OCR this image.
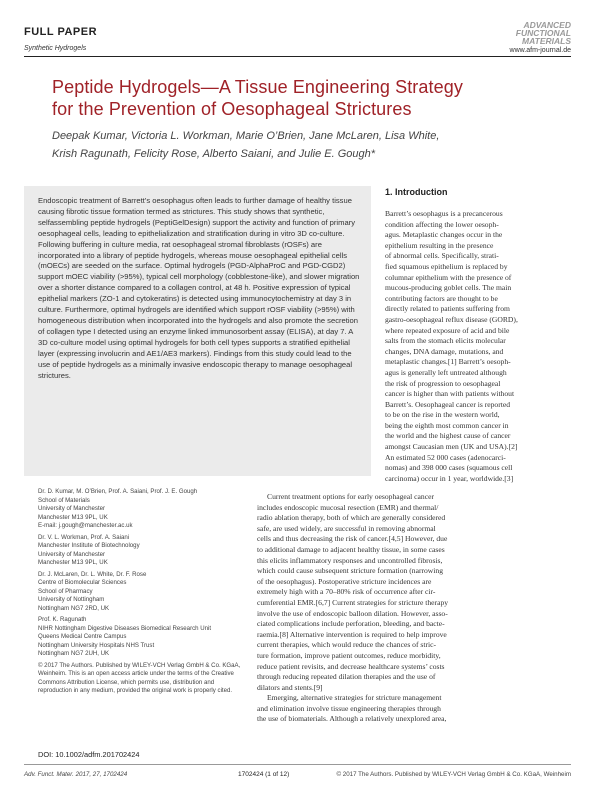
FULL PAPER
Synthetic Hydrogels
ADVANCED
FUNCTIONAL
MATERIALS
www.afm-journal.de
Peptide Hydrogels—A Tissue Engineering Strategy
for the Prevention of Oesophageal Strictures
Deepak Kumar, Victoria L. Workman, Marie O’Brien, Jane McLaren, Lisa White,
Krish Ragunath, Felicity Rose, Alberto Saiani, and Julie E. Gough*
Endoscopic treatment of Barrett’s oesophagus often leads to further damage of healthy tissue causing fibrotic tissue formation termed as strictures. This study shows that synthetic, selfassembling peptide hydrogels (PeptiGelDesign) support the activity and function of primary oesophageal cells, leading to epithelialization and stratification during in vitro 3D co-culture. Following buffering in culture media, rat oesophageal stromal fibroblasts (rOSFs) are incorporated into a library of peptide hydrogels, whereas mouse oesophageal epithelial cells (mOECs) are seeded on the surface. Optimal hydrogels (PGD-AlphaProC and PGD-CGD2) support mOEC viability (>95%), typical cell morphology (cobblestone-like), and slower migration over a shorter distance compared to a collagen control, at 48 h. Positive expression of typical epithelial markers (ZO-1 and cytokeratins) is detected using immunocytochemistry at day 3 in culture. Furthermore, optimal hydrogels are identified which support rOSF viability (>95%) with homogeneous distribution when incorporated into the hydrogels and also promote the secretion of collagen type I detected using an enzyme linked immunosorbent assay (ELISA), at day 7. A 3D co-culture model using optimal hydrogels for both cell types supports a stratified epithelial layer (expressing involucrin and AE1/AE3 markers). Findings from this study could lead to the use of peptide hydrogels as a minimally invasive endoscopic therapy to manage oesophageal strictures.
Dr. D. Kumar, M. O’Brien, Prof. A. Saiani, Prof. J. E. Gough
School of Materials
University of Manchester
Manchester M13 9PL, UK
E-mail: j.gough@manchester.ac.uk
Dr. V. L. Workman, Prof. A. Saiani
Manchester Institute of Biotechnology
University of Manchester
Manchester M13 9PL, UK
Dr. J. McLaren, Dr. L. White, Dr. F. Rose
Centre of Biomolecular Sciences
School of Pharmacy
University of Nottingham
Nottingham NG7 2RD, UK
Prof. K. Ragunath
NIHR Nottingham Digestive Diseases Biomedical Research Unit
Queens Medical Centre Campus
Nottingham University Hospitals NHS Trust
Nottingham NG7 2UH, UK
© 2017 The Authors. Published by WILEY-VCH Verlag GmbH & Co. KGaA,
Weinheim. This is an open access article under the terms of the Creative
Commons Attribution License, which permits use, distribution and
reproduction in any medium, provided the original work is properly cited.
DOI: 10.1002/adfm.201702424
1. Introduction
Barrett’s oesophagus is a precancerous
condition affecting the lower oesoph-
agus. Metaplastic changes occur in the
epithelium resulting in the presence
of abnormal cells. Specifically, strati-
fied squamous epithelium is replaced by
columnar epithelium with the presence of
mucous-producing goblet cells. The main
contributing factors are thought to be
directly related to patients suffering from
gastro-oesophageal reflux disease (GORD),
where repeated exposure of acid and bile
salts from the stomach elicits molecular
changes, DNA damage, mutations, and
metaplastic changes.[1] Barrett’s oesoph-
agus is generally left untreated although
the risk of progression to oesophageal
cancer is higher than with patients without
Barrett’s. Oesophageal cancer is reported
to be on the rise in the western world,
being the eighth most common cancer in
the world and the highest cause of cancer
amongst Caucasian men (UK and USA).[2]
An estimated 52 000 cases (adenocarci-
nomas) and 398 000 cases (squamous cell
carcinoma) occur in 1 year, worldwide.[3]

Current treatment options for early oesophageal cancer
includes endoscopic mucosal resection (EMR) and thermal/
radio ablation therapy, both of which are generally considered
safe, are used widely, are successful in removing abnormal
cells and thus decreasing the risk of cancer.[4,5] However, due
to additional damage to adjacent healthy tissue, in some cases
this elicits inflammatory responses and uncontrolled fibrosis,
which could cause subsequent stricture formation (narrowing
of the oesophagus). Postoperative stricture incidences are
extremely high with a 70–80% risk of occurrence after cir-
cumferential EMR.[6,7] Current strategies for stricture therapy
involve the use of endoscopic balloon dilation. However, asso-
ciated complications include perforation, bleeding, and bacte-
raemia.[8] Alternative intervention is required to help improve
current therapies, which would reduce the chances of stric-
ture formation, improve patient outcomes, reduce morbidity,
reduce patient revisits, and decrease healthcare systems’ costs
through reducing repeated dilation therapies and the use of
dilators and stents.[9]

Emerging, alternative strategies for stricture management
and elimination involve tissue engineering therapies through
the use of biomaterials. Although a relatively unexplored area,

Adv. Funct. Mater. 2017, 27, 1702424	1702424 (1 of 12)	© 2017 The Authors. Published by WILEY-VCH Verlag GmbH & Co. KGaA, Weinheim
